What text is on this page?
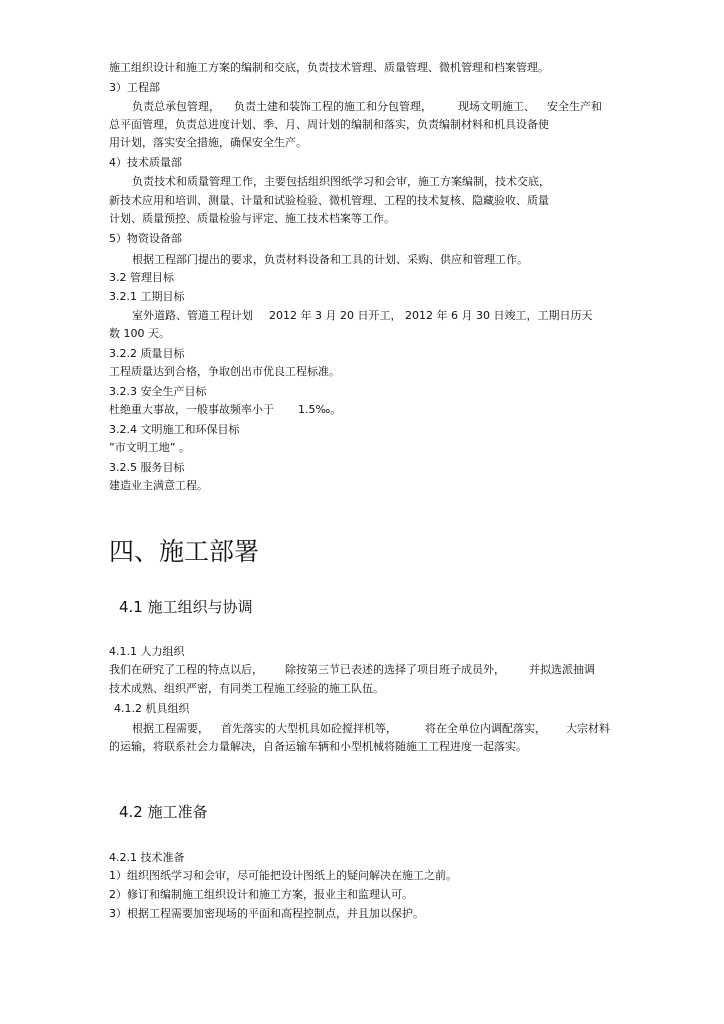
施工组织设计和施工方案的编制和交底，负责技术管理、质量管理、微机管理和档案管理。
3）工程部
负责总承包管理， 负责土建和装饰工程的施工和分包管理， 现场文明施工、 安全生产和
总平面管理，负责总进度计划、季、月、周计划的编制和落实，负责编制材料和机具设备使
用计划，落实安全措施，确保安全生产。
4）技术质量部
负责技术和质量管理工作，主要包括组织图纸学习和会审，施工方案编制，技术交底，
新技术应用和培训、测量、计量和试验检验、微机管理、工程的技术复核、隐藏验收、质量
计划、质量预控、质量检验与评定、施工技术档案等工作。
5）物资设备部
根据工程部门提出的要求，负责材料设备和工具的计划、采购、供应和管理工作。
3.2 管理目标
3.2.1 工期目标
室外道路、管道工程计划 2012 年 3 月 20 日开工， 2012 年 6 月 30 日竣工，工期日历天
数 100 天。
3.2.2 质量目标
工程质量达到合格，争取创出市优良工程标准。
3.2.3 安全生产目标
杜绝重大事故，一般事故频率小于 1.5‰。
3.2.4 文明施工和环保目标
”市文明工地” 。
3.2.5 服务目标
建造业主满意工程。
四、施工部署
4.1 施工组织与协调
4.1.1 人力组织
我们在研究了工程的特点以后， 除按第三节已表述的选择了项目班子成员外， 并拟选派抽调
技术成熟、组织严密，有同类工程施工经验的施工队伍。
4.1.2 机具组织
根据工程需要， 首先落实的大型机具如砼搅拌机等，	将在全单位内调配落实， 大宗材料
的运输，将联系社会力量解决，自备运输车辆和小型机械将随施工工程进度一起落实。
4.2 施工准备
4.2.1 技术准备
1）组织图纸学习和会审，尽可能把设计图纸上的疑问解决在施工之前。
2）修订和编制施工组织设计和施工方案，报业主和监理认可。
3）根据工程需要加密现场的平面和高程控制点，并且加以保护。
